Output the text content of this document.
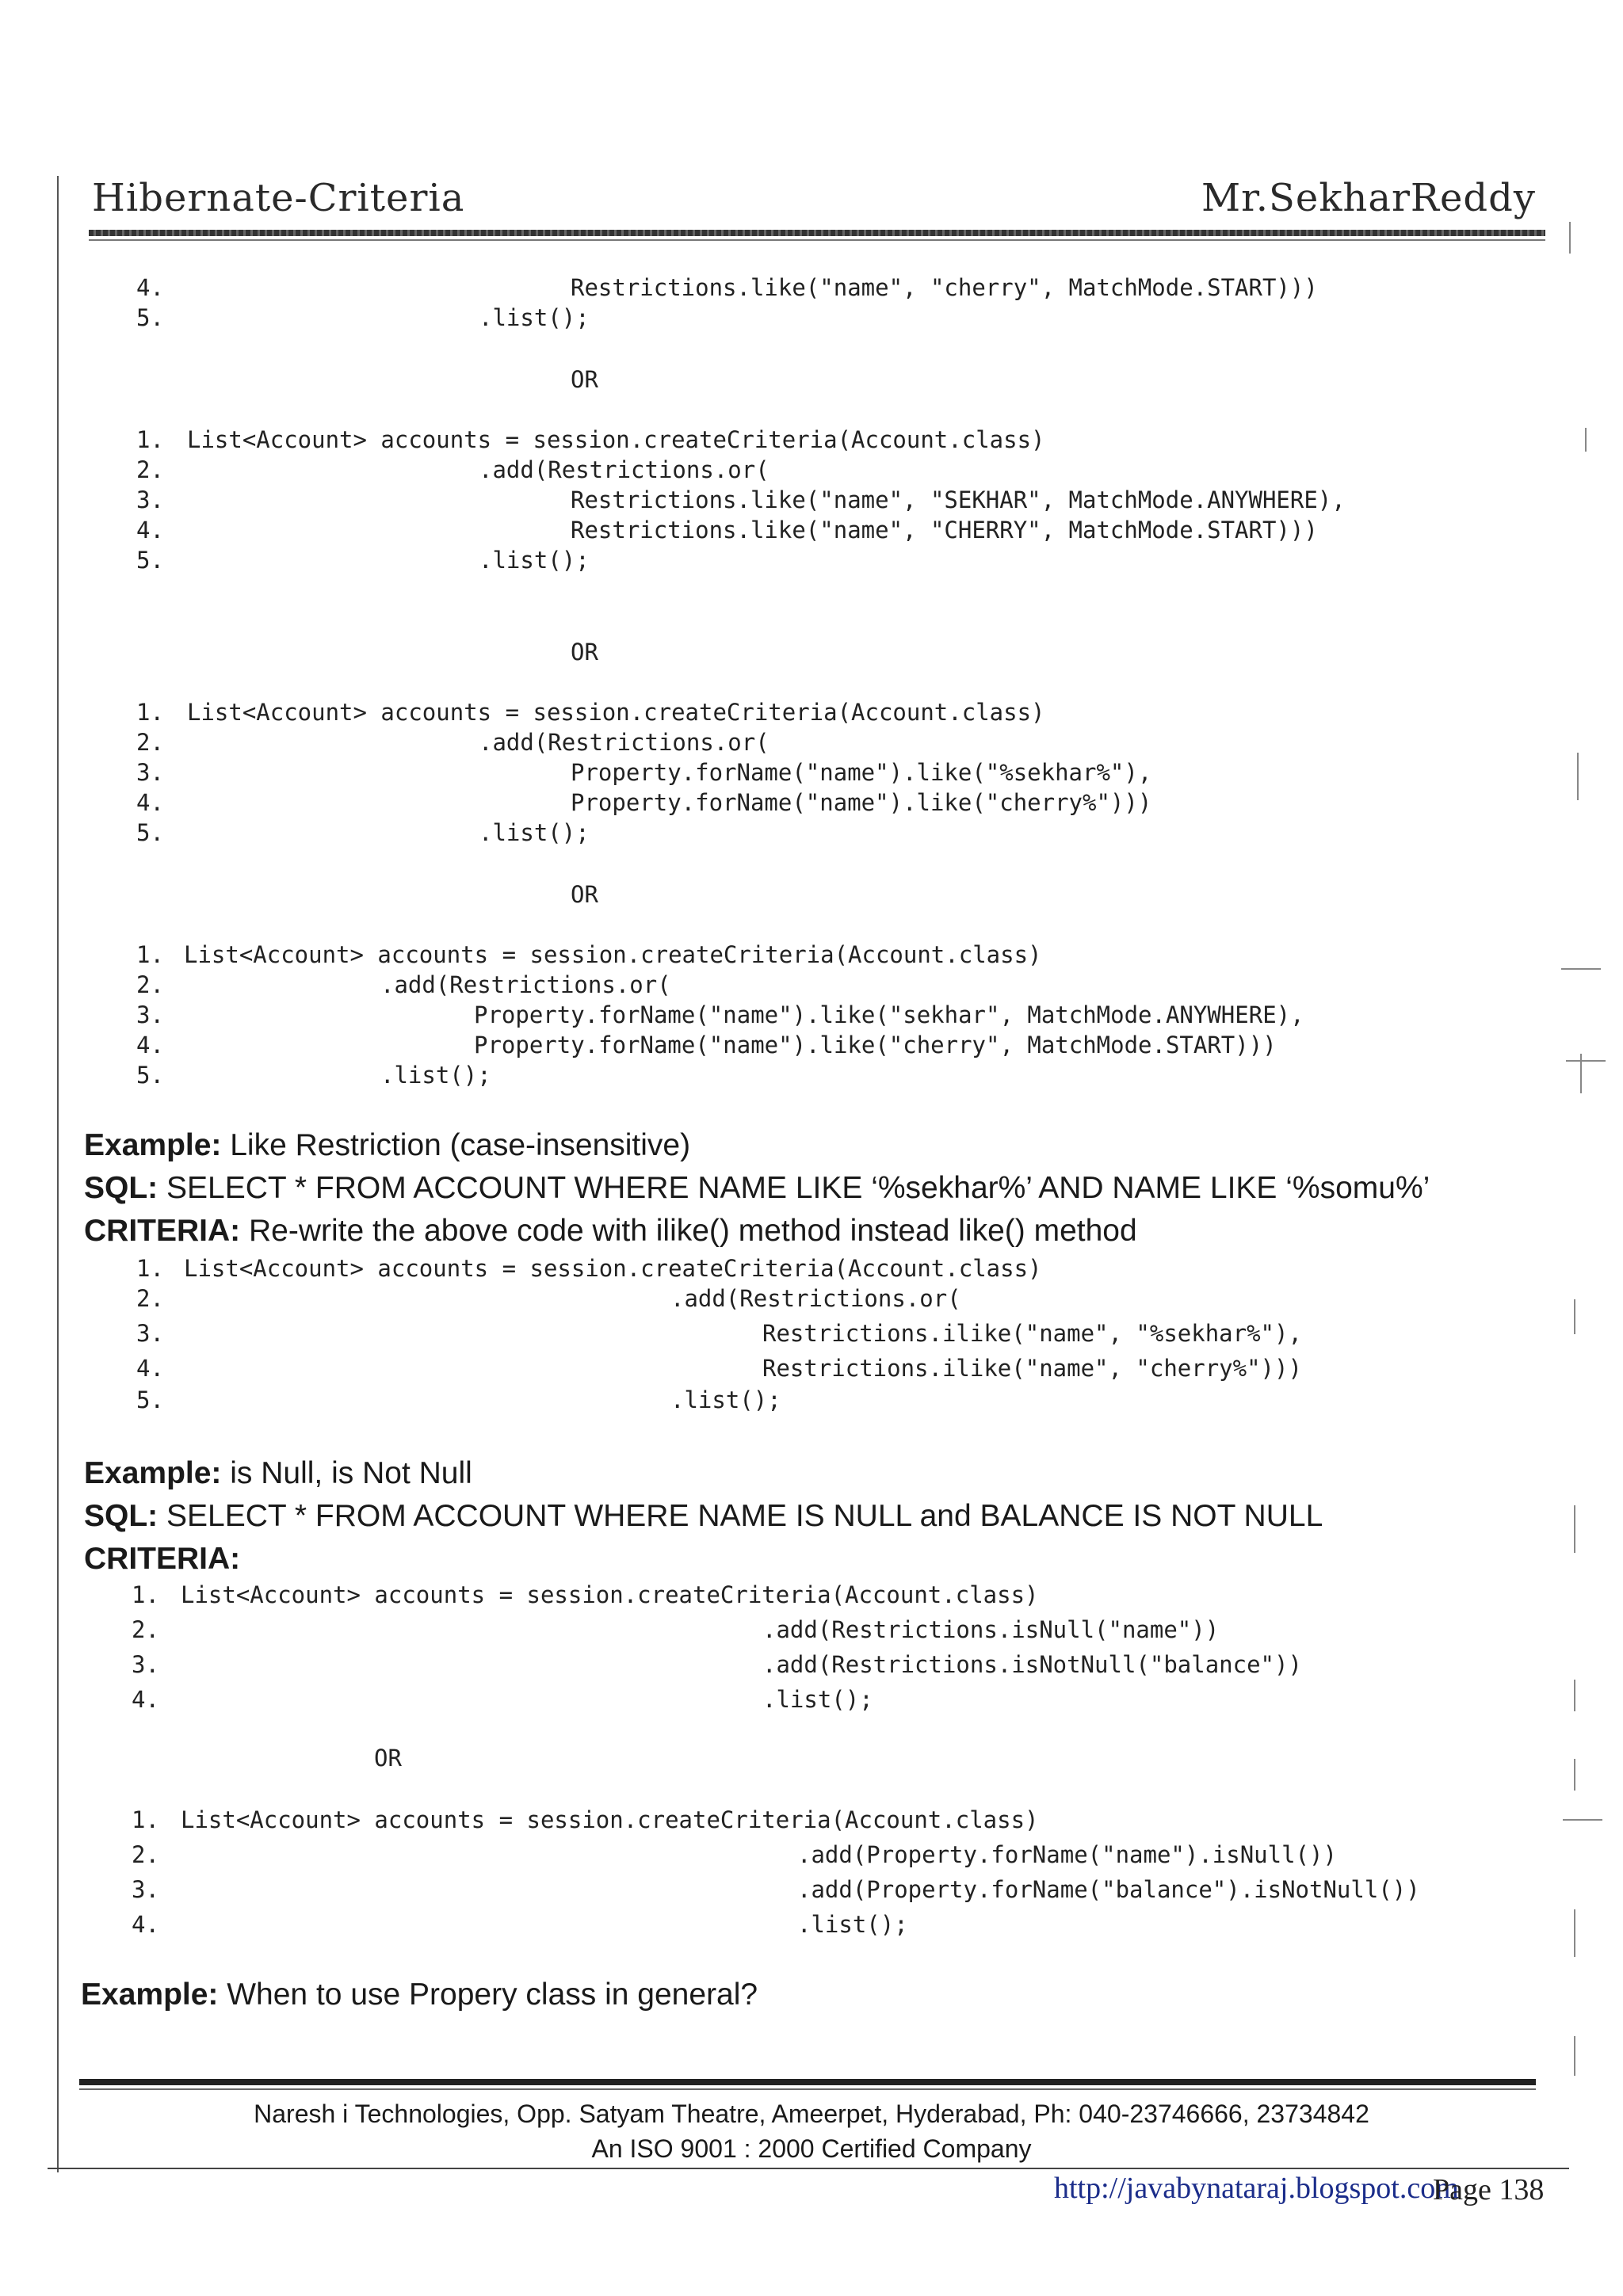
Hibernate-Criteria	Mr.SekharReddy
4.	Restrictions.like("name", "cherry", MatchMode.START)))
5.	.list();
OR
1. List<Account> accounts = session.createCriteria(Account.class)
2.	.add(Restrictions.or(
3.	Restrictions.like("name", "SEKHAR", MatchMode.ANYWHERE),
4.	Restrictions.like("name", "CHERRY", MatchMode.START)))
5.	.list();
OR
1. List<Account> accounts = session.createCriteria(Account.class)
2.	.add(Restrictions.or(
3.	Property.forName("name").like("%sekhar%"),
4.	Property.forName("name").like("cherry%")))
5.	.list();
OR
1. List<Account> accounts = session.createCriteria(Account.class)
2.	.add(Restrictions.or(
3.	Property.forName("name").like("sekhar", MatchMode.ANYWHERE),
4.	Property.forName("name").like("cherry", MatchMode.START)))
5.	.list();
Example: Like Restriction (case-insensitive)
SQL: SELECT * FROM ACCOUNT WHERE NAME LIKE ‘%sekhar%’ AND NAME LIKE ‘%somu%’
CRITERIA: Re-write the above code with ilike() method instead like() method
1. List<Account> accounts = session.createCriteria(Account.class)
2.	.add(Restrictions.or(
3.	Restrictions.ilike("name", "%sekhar%"),
4.	Restrictions.ilike("name", "cherry%")))
5.	.list();
Example: is Null, is Not Null
SQL: SELECT * FROM ACCOUNT WHERE NAME IS NULL and BALANCE IS NOT NULL
CRITERIA:
1. List<Account> accounts = session.createCriteria(Account.class)
2.	.add(Restrictions.isNull("name"))
3.	.add(Restrictions.isNotNull("balance"))
4.	.list();
OR
1. List<Account> accounts = session.createCriteria(Account.class)
2.	.add(Property.forName("name").isNull())
3.	.add(Property.forName("balance").isNotNull())
4.	.list();
Example: When to use Propery class in general?
Naresh i Technologies, Opp. Satyam Theatre, Ameerpet, Hyderabad, Ph: 040-23746666, 23734842
An ISO 9001 : 2000 Certified Company
http://javabynataraj.blogspot.com
Page 138
